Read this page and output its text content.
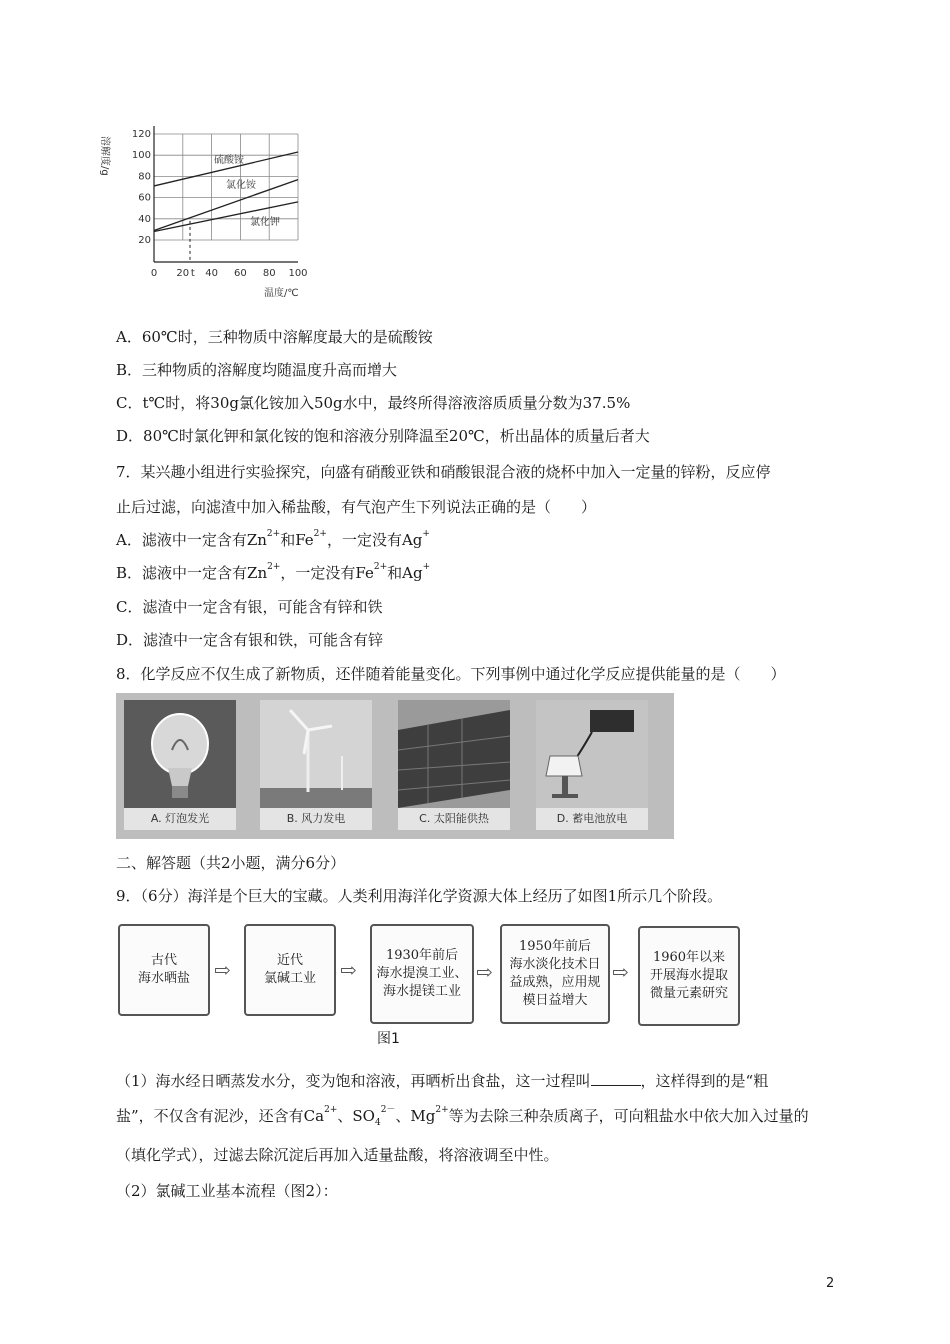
120
100
80
60
40
20
0 20 t 40 60 80 100
溶解度/g
温度/℃
硫酸铵
氯化铵
氯化钾
A．60℃时，三种物质中溶解度最大的是硫酸铵
B．三种物质的溶解度均随温度升高而增大
C．t℃时，将30g氯化铵加入50g水中，最终所得溶液溶质质量分数为37.5%
D．80℃时氯化钾和氯化铵的饱和溶液分别降温至20℃，析出晶体的质量后者大
7．某兴趣小组进行实验探究，向盛有硝酸亚铁和硝酸银混合液的烧杯中加入一定量的锌粉，反应停
止后过滤，向滤渣中加入稀盐酸，有气泡产生下列说法正确的是（　　）
A．滤液中一定含有$Zn^{2+}$和$Fe^{2+}$，一定没有Ag+
B．滤液中一定含有$Zn^{2+}$，一定没有$Fe^{2+}$和Ag+
C．滤渣中一定含有银，可能含有锌和铁
D．滤渣中一定含有银和铁，可能含有锌
8．化学反应不仅生成了新物质，还伴随着能量变化。下列事例中通过化学反应提供能量的是（　　）
A. 灯泡发光	B. 风力发电	C. 太阳能供热	D. 蓄电池放电
二、解答题（共2小题，满分6分）
9．（6分）海洋是个巨大的宝藏。人类利用海洋化学资源大体上经历了如图1所示几个阶段。
古代
海水晒盐 ⇨	近代
氯碱工业 ⇨
1930年前后
海水提溴工业、
海水提镁工业
⇨
1950年前后
海水淡化技术日
益成熟，应用规
模日益增大
⇨
1960年以来
开展海水提取
微量元素研究
图1
（1）海水经日晒蒸发水分，变为饱和溶液，再晒析出食盐，这一过程叫	，这样得到的是“粗
盐”，不仅含有泥沙，还含有$Ca^{2+}$、$SO_4^{2-}$、$Mg^{2+}$等为去除三种杂质离子，可向粗盐水中依大加入过量的
（填化学式），过滤去除沉淀后再加入适量盐酸，将溶液调至中性。
（2）氯碱工业基本流程（图2）：
2
